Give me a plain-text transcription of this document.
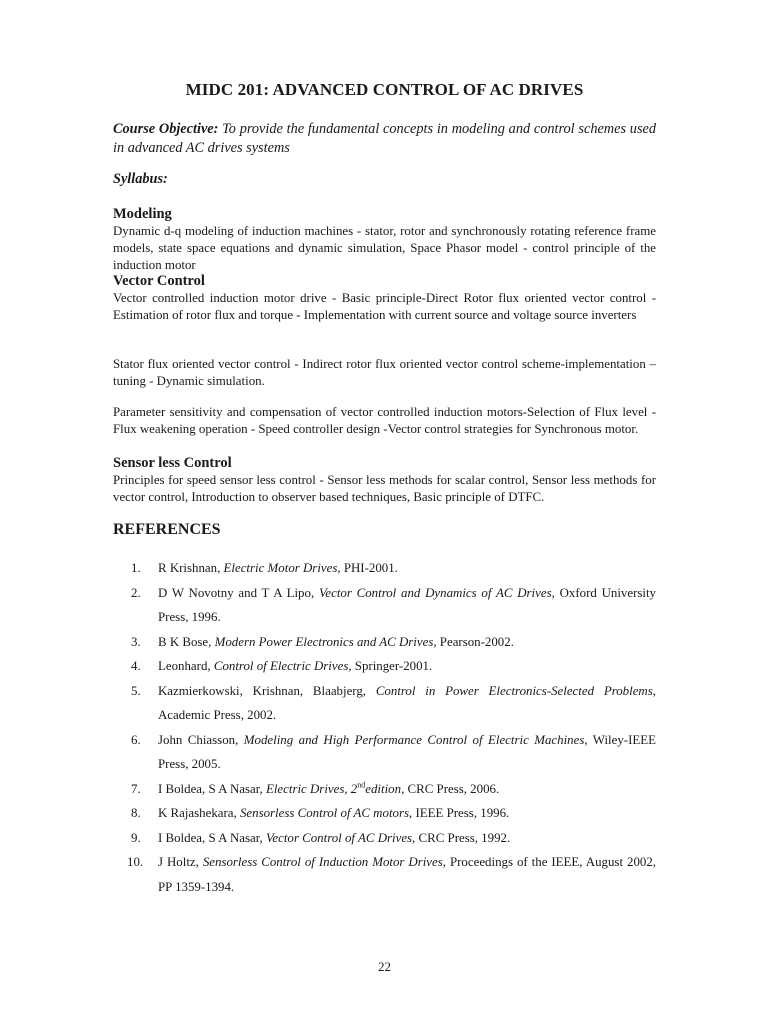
MIDC 201: ADVANCED CONTROL OF AC DRIVES
Course Objective: To provide the fundamental concepts in modeling and control schemes used in advanced AC drives systems
Syllabus:
Modeling
Dynamic d-q modeling of induction machines - stator, rotor and synchronously rotating reference frame models, state space equations and dynamic simulation, Space Phasor model - control principle of the induction motor
Vector Control
Vector controlled induction motor drive - Basic principle-Direct Rotor flux oriented vector control - Estimation of rotor flux and torque - Implementation with current source and voltage source inverters
Stator flux oriented vector control - Indirect rotor flux oriented vector control scheme-implementation – tuning - Dynamic simulation.
Parameter sensitivity and compensation of vector controlled induction motors-Selection of Flux level - Flux weakening operation - Speed controller design -Vector control strategies for Synchronous motor.
Sensor less Control
Principles for speed sensor less control - Sensor less methods for scalar control, Sensor less methods for vector control, Introduction to observer based techniques, Basic principle of DTFC.
REFERENCES
1. R Krishnan, Electric Motor Drives, PHI-2001.
2. D W Novotny and T A Lipo, Vector Control and Dynamics of AC Drives, Oxford University Press, 1996.
3. B K Bose, Modern Power Electronics and AC Drives, Pearson-2002.
4. Leonhard, Control of Electric Drives, Springer-2001.
5. Kazmierkowski, Krishnan, Blaabjerg, Control in Power Electronics-Selected Problems, Academic Press, 2002.
6. John Chiasson, Modeling and High Performance Control of Electric Machines, Wiley-IEEE Press, 2005.
7. I Boldea, S A Nasar, Electric Drives, 2ndedition, CRC Press, 2006.
8. K Rajashekara, Sensorless Control of AC motors, IEEE Press, 1996.
9. I Boldea, S A Nasar, Vector Control of AC Drives, CRC Press, 1992.
10. J Holtz, Sensorless Control of Induction Motor Drives, Proceedings of the IEEE, August 2002, PP 1359-1394.
22
